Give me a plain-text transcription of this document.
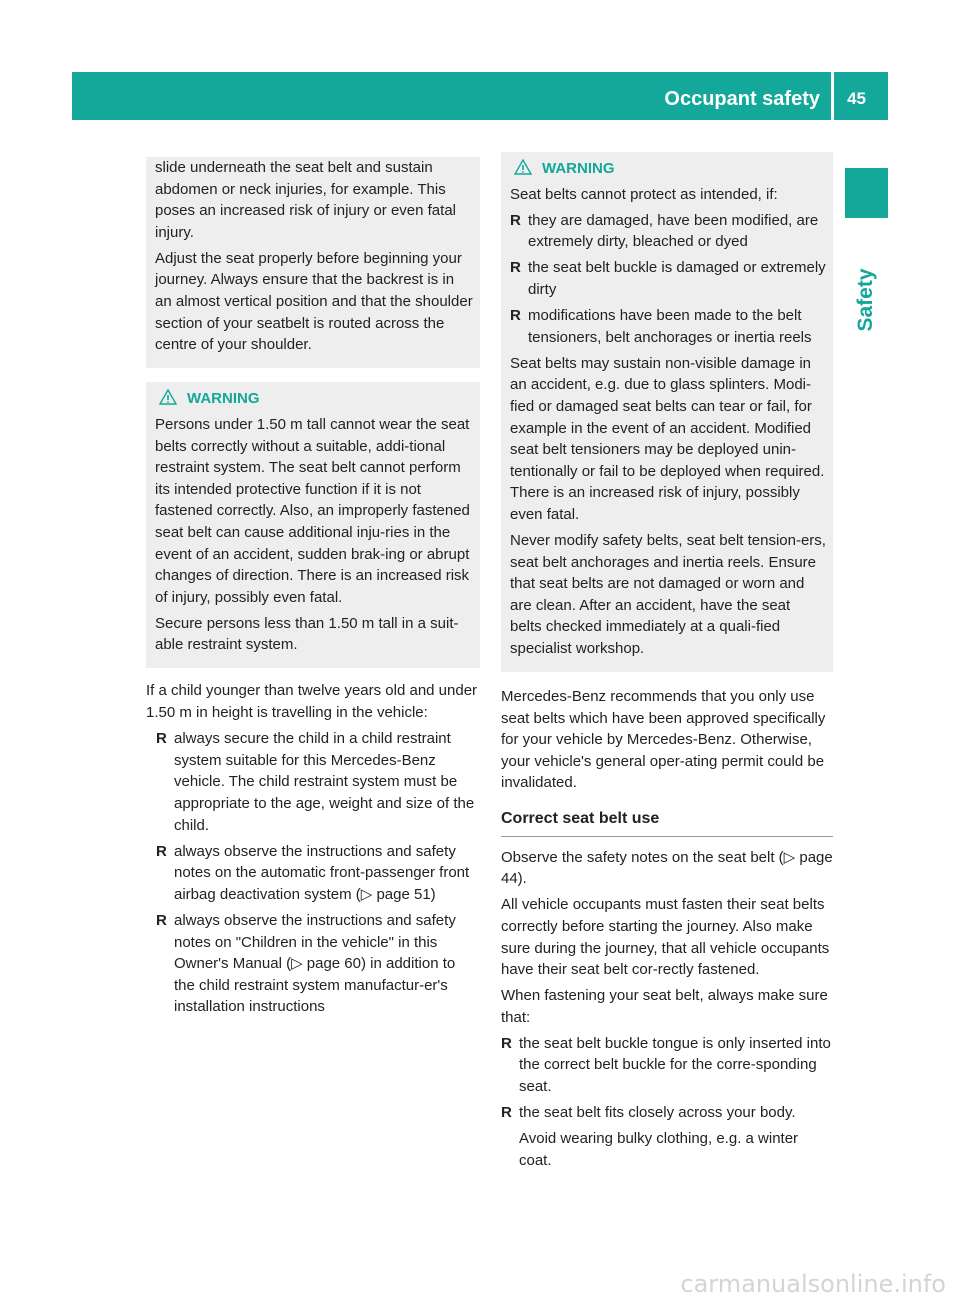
Occupant safety 45
Safety

slide underneath the seat belt and sustain abdomen or neck injuries, for example. This poses an increased risk of injury or even fatal injury.

Adjust the seat properly before beginning your journey. Always ensure that the backrest is in an almost vertical position and that the shoulder section of your seatbelt is routed across the centre of your shoulder.

WARNING

Persons under 1.50 m tall cannot wear the seat belts correctly without a suitable, addi-tional restraint system. The seat belt cannot perform its intended protective function if it is not fastened correctly. Also, an improperly fastened seat belt can cause additional inju-ries in the event of an accident, sudden brak-ing or abrupt changes of direction. There is an increased risk of injury, possibly even fatal.

Secure persons less than 1.50 m tall in a suit-able restraint system.

If a child younger than twelve years old and under 1.50 m in height is travelling in the vehicle:

R always secure the child in a child restraint system suitable for this Mercedes-Benz vehicle. The child restraint system must be appropriate to the age, weight and size of the child.
R always observe the instructions and safety notes on the automatic front-passenger front airbag deactivation system (▷ page 51)
R always observe the instructions and safety notes on "Children in the vehicle" in this Owner's Manual (▷ page 60) in addition to the child restraint system manufactur-er's installation instructions
WARNING

Seat belts cannot protect as intended, if:

R they are damaged, have been modified, are extremely dirty, bleached or dyed
R the seat belt buckle is damaged or extremely dirty
R modifications have been made to the belt tensioners, belt anchorages or inertia reels

Seat belts may sustain non-visible damage in an accident, e.g. due to glass splinters. Modi-fied or damaged seat belts can tear or fail, for example in the event of an accident. Modified seat belt tensioners may be deployed unin-tentionally or fail to be deployed when required. There is an increased risk of injury, possibly even fatal.

Never modify safety belts, seat belt tension-ers, seat belt anchorages and inertia reels. Ensure that seat belts are not damaged or worn and are clean. After an accident, have the seat belts checked immediately at a quali-fied specialist workshop.

Mercedes-Benz recommends that you only use seat belts which have been approved specifically for your vehicle by Mercedes-Benz. Otherwise, your vehicle's general oper-ating permit could be invalidated.

Correct seat belt use

Observe the safety notes on the seat belt (▷ page 44).

All vehicle occupants must fasten their seat belts correctly before starting the journey. Also make sure during the journey, that all vehicle occupants have their seat belt cor-rectly fastened.

When fastening your seat belt, always make sure that:

R the seat belt buckle tongue is only inserted into the correct belt buckle for the corre-sponding seat.
R the seat belt fits closely across your body.

Avoid wearing bulky clothing, e.g. a winter coat.

carmanualsonline.info
